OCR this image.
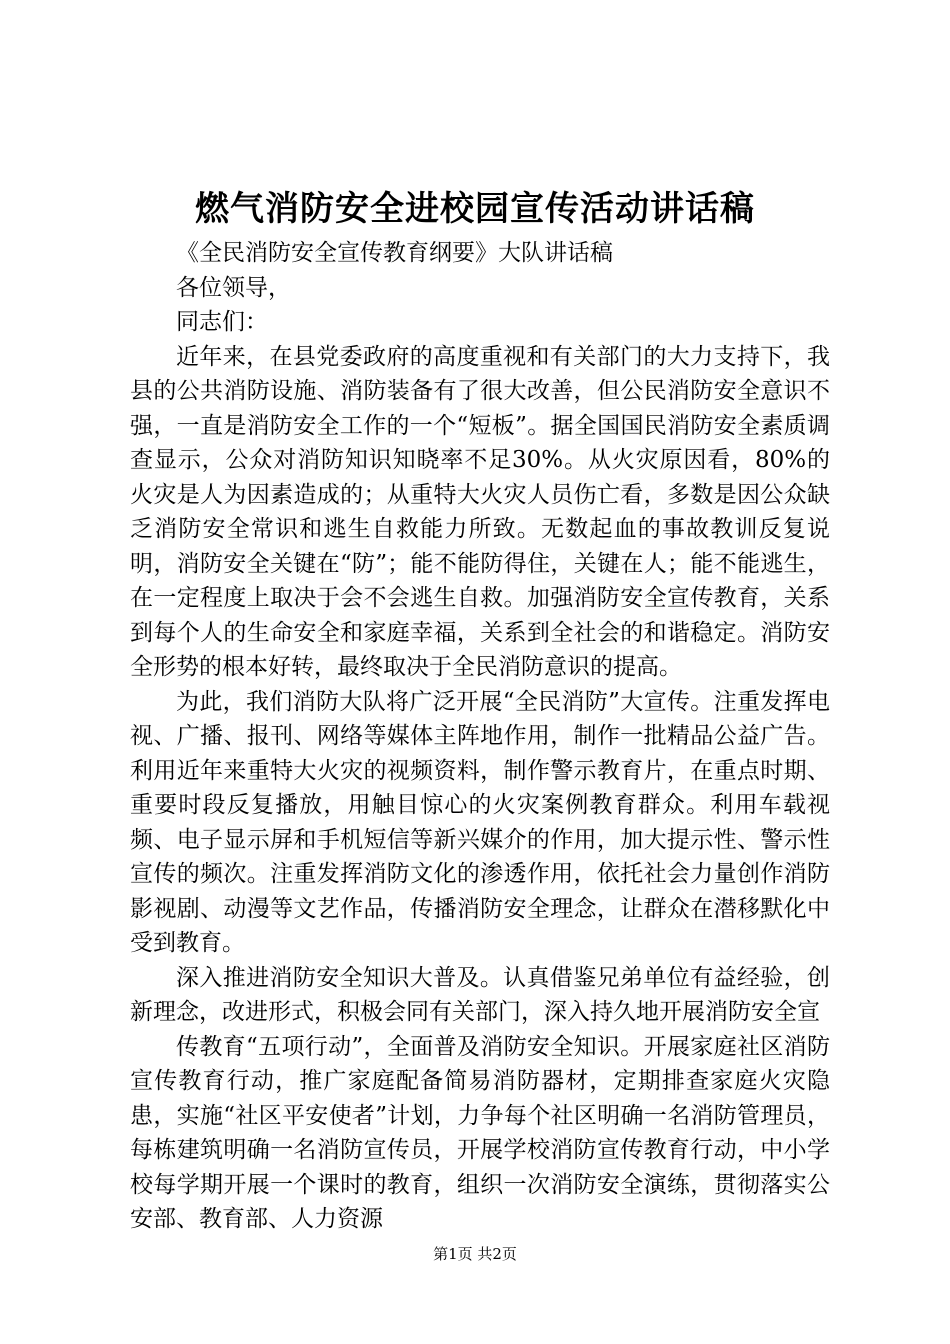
燃气消防安全进校园宣传活动讲话稿

《全民消防安全宣传教育纲要》大队讲话稿

各位领导，

同志们：

近年来，在县党委政府的高度重视和有关部门的大力支持下，我县的公共消防设施、消防装备有了很大改善，但公民消防安全意识不强，一直是消防安全工作的一个“短板”。据全国国民消防安全素质调查显示，公众对消防知识知晓率不足30%。从火灾原因看，80%的火灾是人为因素造成的；从重特大火灾人员伤亡看，多数是因公众缺乏消防安全常识和逃生自救能力所致。无数起血的事故教训反复说明，消防安全关键在“防”；能不能防得住，关键在人；能不能逃生，在一定程度上取决于会不会逃生自救。加强消防安全宣传教育，关系到每个人的生命安全和家庭幸福，关系到全社会的和谐稳定。消防安全形势的根本好转，最终取决于全民消防意识的提高。

为此，我们消防大队将广泛开展“全民消防”大宣传。注重发挥电视、广播、报刊、网络等媒体主阵地作用，制作一批精品公益广告。利用近年来重特大火灾的视频资料，制作警示教育片，在重点时期、重要时段反复播放，用触目惊心的火灾案例教育群众。利用车载视频、电子显示屏和手机短信等新兴媒介的作用，加大提示性、警示性宣传的频次。注重发挥消防文化的渗透作用，依托社会力量创作消防影视剧、动漫等文艺作品，传播消防安全理念，让群众在潜移默化中受到教育。

深入推进消防安全知识大普及。认真借鉴兄弟单位有益经验，创新理念，改进形式，积极会同有关部门，深入持久地开展消防安全宣

传教育“五项行动”，全面普及消防安全知识。开展家庭社区消防宣传教育行动，推广家庭配备简易消防器材，定期排查家庭火灾隐患，实施“社区平安使者”计划，力争每个社区明确一名消防管理员，每栋建筑明确一名消防宣传员，开展学校消防宣传教育行动，中小学校每学期开展一个课时的教育，组织一次消防安全演练，贯彻落实公安部、教育部、人力资源

第1页 共2页
